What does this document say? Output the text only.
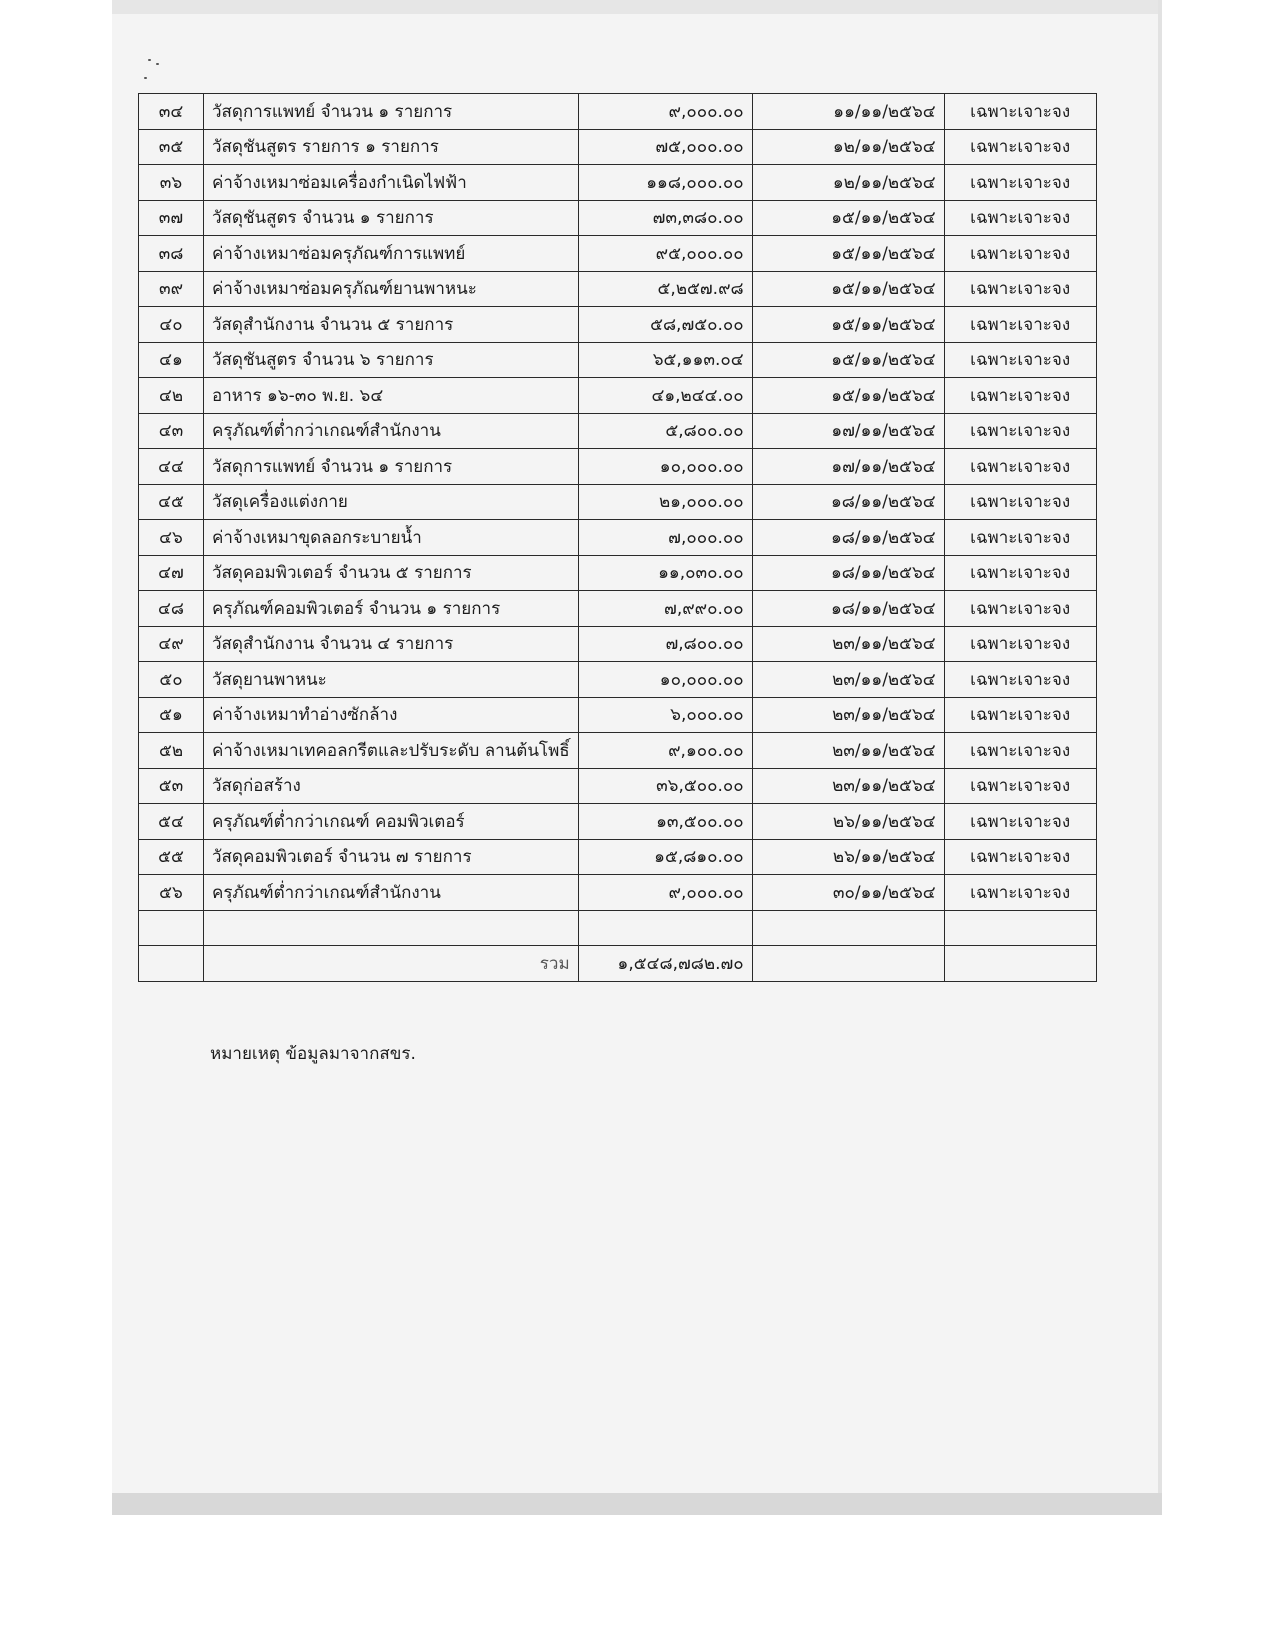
๓๔	วัสดุการแพทย์ จำนวน ๑ รายการ	๙,๐๐๐.๐๐	๑๑/๑๑/๒๕๖๔	เฉพาะเจาะจง
๓๕	วัสดุชันสูตร รายการ ๑ รายการ	๗๕,๐๐๐.๐๐	๑๒/๑๑/๒๕๖๔	เฉพาะเจาะจง
๓๖	ค่าจ้างเหมาซ่อมเครื่องกำเนิดไฟฟ้า	๑๑๘,๐๐๐.๐๐	๑๒/๑๑/๒๕๖๔	เฉพาะเจาะจง
๓๗	วัสดุชันสูตร จำนวน ๑ รายการ	๗๓,๓๘๐.๐๐	๑๕/๑๑/๒๕๖๔	เฉพาะเจาะจง
๓๘	ค่าจ้างเหมาซ่อมครุภัณฑ์การแพทย์	๙๕,๐๐๐.๐๐	๑๕/๑๑/๒๕๖๔	เฉพาะเจาะจง
๓๙	ค่าจ้างเหมาซ่อมครุภัณฑ์ยานพาหนะ	๕,๒๕๗.๙๘	๑๕/๑๑/๒๕๖๔	เฉพาะเจาะจง
๔๐	วัสดุสำนักงาน จำนวน ๕ รายการ	๕๘,๗๕๐.๐๐	๑๕/๑๑/๒๕๖๔	เฉพาะเจาะจง
๔๑	วัสดุชันสูตร จำนวน ๖ รายการ	๖๕,๑๑๓.๐๔	๑๕/๑๑/๒๕๖๔	เฉพาะเจาะจง
๔๒	อาหาร ๑๖-๓๐ พ.ย. ๖๔	๔๑,๒๔๔.๐๐	๑๕/๑๑/๒๕๖๔	เฉพาะเจาะจง
๔๓	ครุภัณฑ์ต่ำกว่าเกณฑ์สำนักงาน	๕,๘๐๐.๐๐	๑๗/๑๑/๒๕๖๔	เฉพาะเจาะจง
๔๔	วัสดุการแพทย์ จำนวน ๑ รายการ	๑๐,๐๐๐.๐๐	๑๗/๑๑/๒๕๖๔	เฉพาะเจาะจง
๔๕	วัสดุเครื่องแต่งกาย	๒๑,๐๐๐.๐๐	๑๘/๑๑/๒๕๖๔	เฉพาะเจาะจง
๔๖	ค่าจ้างเหมาขุดลอกระบายน้ำ	๗,๐๐๐.๐๐	๑๘/๑๑/๒๕๖๔	เฉพาะเจาะจง
๔๗	วัสดุคอมพิวเตอร์ จำนวน ๕ รายการ	๑๑,๐๓๐.๐๐	๑๘/๑๑/๒๕๖๔	เฉพาะเจาะจง
๔๘	ครุภัณฑ์คอมพิวเตอร์ จำนวน ๑ รายการ	๗,๙๙๐.๐๐	๑๘/๑๑/๒๕๖๔	เฉพาะเจาะจง
๔๙	วัสดุสำนักงาน จำนวน ๔ รายการ	๗,๘๐๐.๐๐	๒๓/๑๑/๒๕๖๔	เฉพาะเจาะจง
๕๐	วัสดุยานพาหนะ	๑๐,๐๐๐.๐๐	๒๓/๑๑/๒๕๖๔	เฉพาะเจาะจง
๕๑	ค่าจ้างเหมาทำอ่างซักล้าง	๖,๐๐๐.๐๐	๒๓/๑๑/๒๕๖๔	เฉพาะเจาะจง
๕๒	ค่าจ้างเหมาเทคอลกรีตและปรับระดับ ลานต้นโพธิ์	๙,๑๐๐.๐๐	๒๓/๑๑/๒๕๖๔	เฉพาะเจาะจง
๕๓	วัสดุก่อสร้าง	๓๖,๕๐๐.๐๐	๒๓/๑๑/๒๕๖๔	เฉพาะเจาะจง
๕๔	ครุภัณฑ์ต่ำกว่าเกณฑ์ คอมพิวเตอร์	๑๓,๕๐๐.๐๐	๒๖/๑๑/๒๕๖๔	เฉพาะเจาะจง
๕๕	วัสดุคอมพิวเตอร์ จำนวน ๗ รายการ	๑๕,๘๑๐.๐๐	๒๖/๑๑/๒๕๖๔	เฉพาะเจาะจง
๕๖	ครุภัณฑ์ต่ำกว่าเกณฑ์สำนักงาน	๙,๐๐๐.๐๐	๓๐/๑๑/๒๕๖๔	เฉพาะเจาะจง

	รวม	๑,๕๔๘,๗๘๒.๗๐		
หมายเหตุ ข้อมูลมาจากสขร.
